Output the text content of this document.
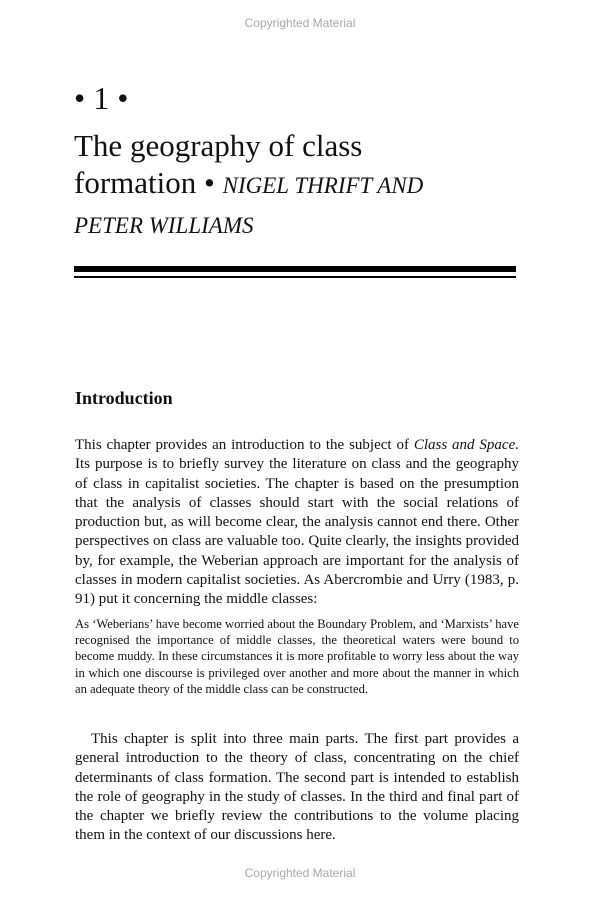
Copyrighted Material
• 1 •
The geography of class
formation • NIGEL THRIFT AND
PETER WILLIAMS
Introduction

This chapter provides an introduction to the subject of Class and Space. Its purpose is to briefly survey the literature on class and the geography of class in capitalist societies. The chapter is based on the presumption that the analysis of classes should start with the social relations of production but, as will become clear, the analysis cannot end there. Other perspectives on class are valuable too. Quite clearly, the insights provided by, for example, the Weberian approach are important for the analysis of classes in modern capitalist societies. As Abercrombie and Urry (1983, p. 91) put it concerning the middle classes:

As ‘Weberians’ have become worried about the Boundary Problem, and ‘Marxists’ have recognised the importance of middle classes, the theoretical waters were bound to become muddy. In these circumstances it is more profitable to worry less about the way in which one discourse is privileged over another and more about the manner in which an adequate theory of the middle class can be constructed.

This chapter is split into three main parts. The first part provides a general introduction to the theory of class, concentrating on the chief determinants of class formation. The second part is intended to establish the role of geography in the study of classes. In the third and final part of the chapter we briefly review the contributions to the volume placing them in the context of our discussions here.

Copyrighted Material
